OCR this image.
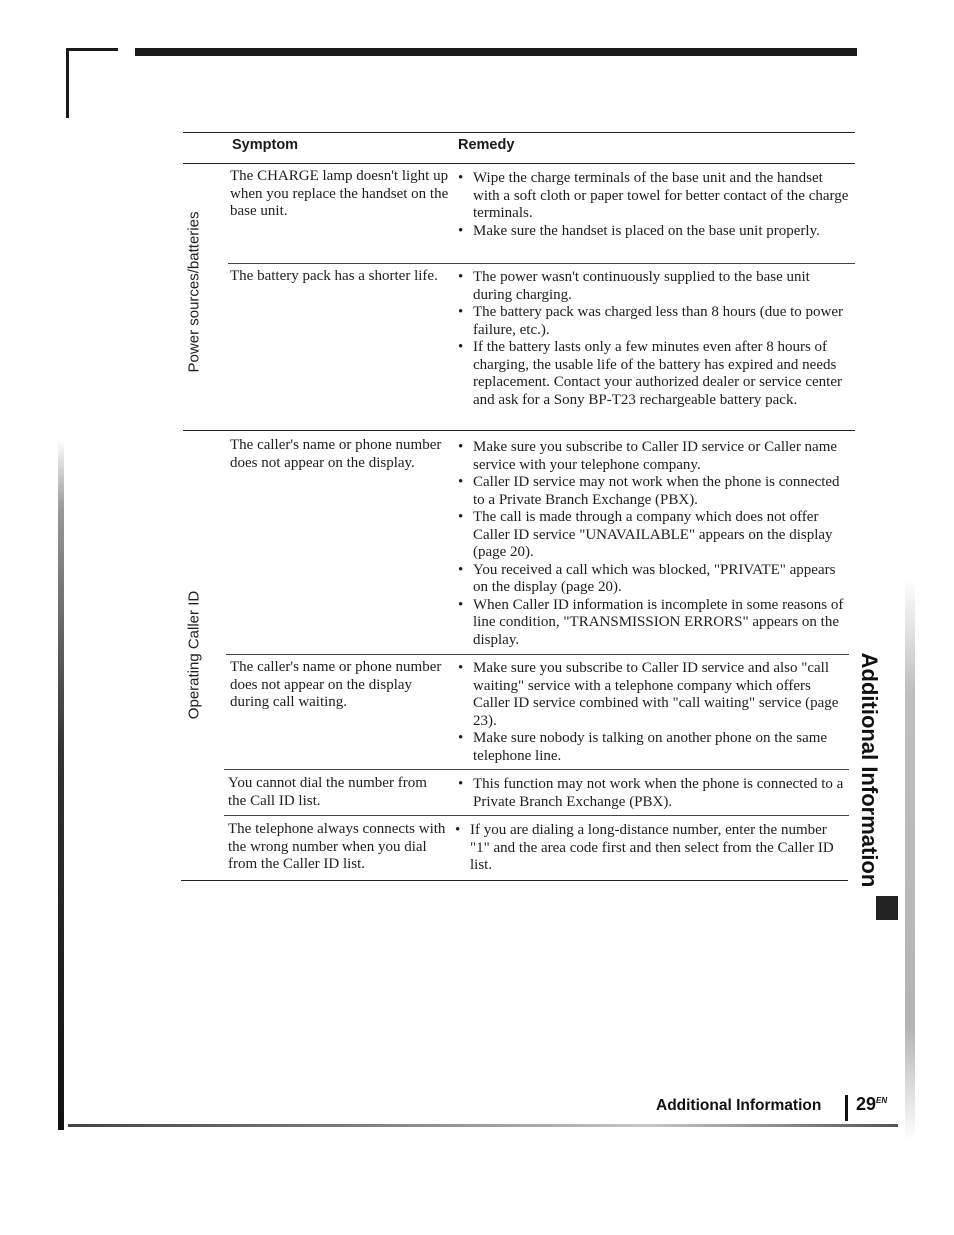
Symptom	Remedy
Power sources/batteries
The CHARGE lamp doesn't light up when you replace the handset on the base unit.
• Wipe the charge terminals of the base unit and the handset with a soft cloth or paper towel for better contact of the charge terminals.
• Make sure the handset is placed on the base unit properly.
The battery pack has a shorter life.
•	The power wasn't continuously supplied to the base unit during charging.
• The battery pack was charged less than 8 hours (due to power failure, etc.).
• If the battery lasts only a few minutes even after 8 hours of charging, the usable life of the battery has expired and needs replacement. Contact your authorized dealer or service center and ask for a Sony BP-T23 rechargeable battery pack.
Operating Caller ID
The caller's name or phone number does not appear on the display.
• Make sure you subscribe to Caller ID service or Caller name service with your telephone company.
• Caller ID service may not work when the phone is connected to a Private Branch Exchange (PBX).
• The call is made through a company which does not offer Caller ID service "UNAVAILABLE" appears on the display (page 20).
• You received a call which was blocked, "PRIVATE" appears on the display (page 20).
• When Caller ID information is incomplete in some reasons of line condition, "TRANSMISSION ERRORS" appears on the display.
The caller's name or phone number does not appear on the display during call waiting.
• Make sure you subscribe to Caller ID service and also "call waiting" service with a telephone company which offers Caller ID service combined with "call waiting" service (page 23).
• Make sure nobody is talking on another phone on the same telephone line.
You cannot dial the number from the Call ID list.
• This function may not work when the phone is connected to a Private Branch Exchange (PBX).
The telephone always connects with the wrong number when you dial from the Caller ID list.
• If you are dialing a long-distance number, enter the number "1" and the area code first and then select from the Caller ID list.	Additional Information
Additional Information $29^{EN}$
